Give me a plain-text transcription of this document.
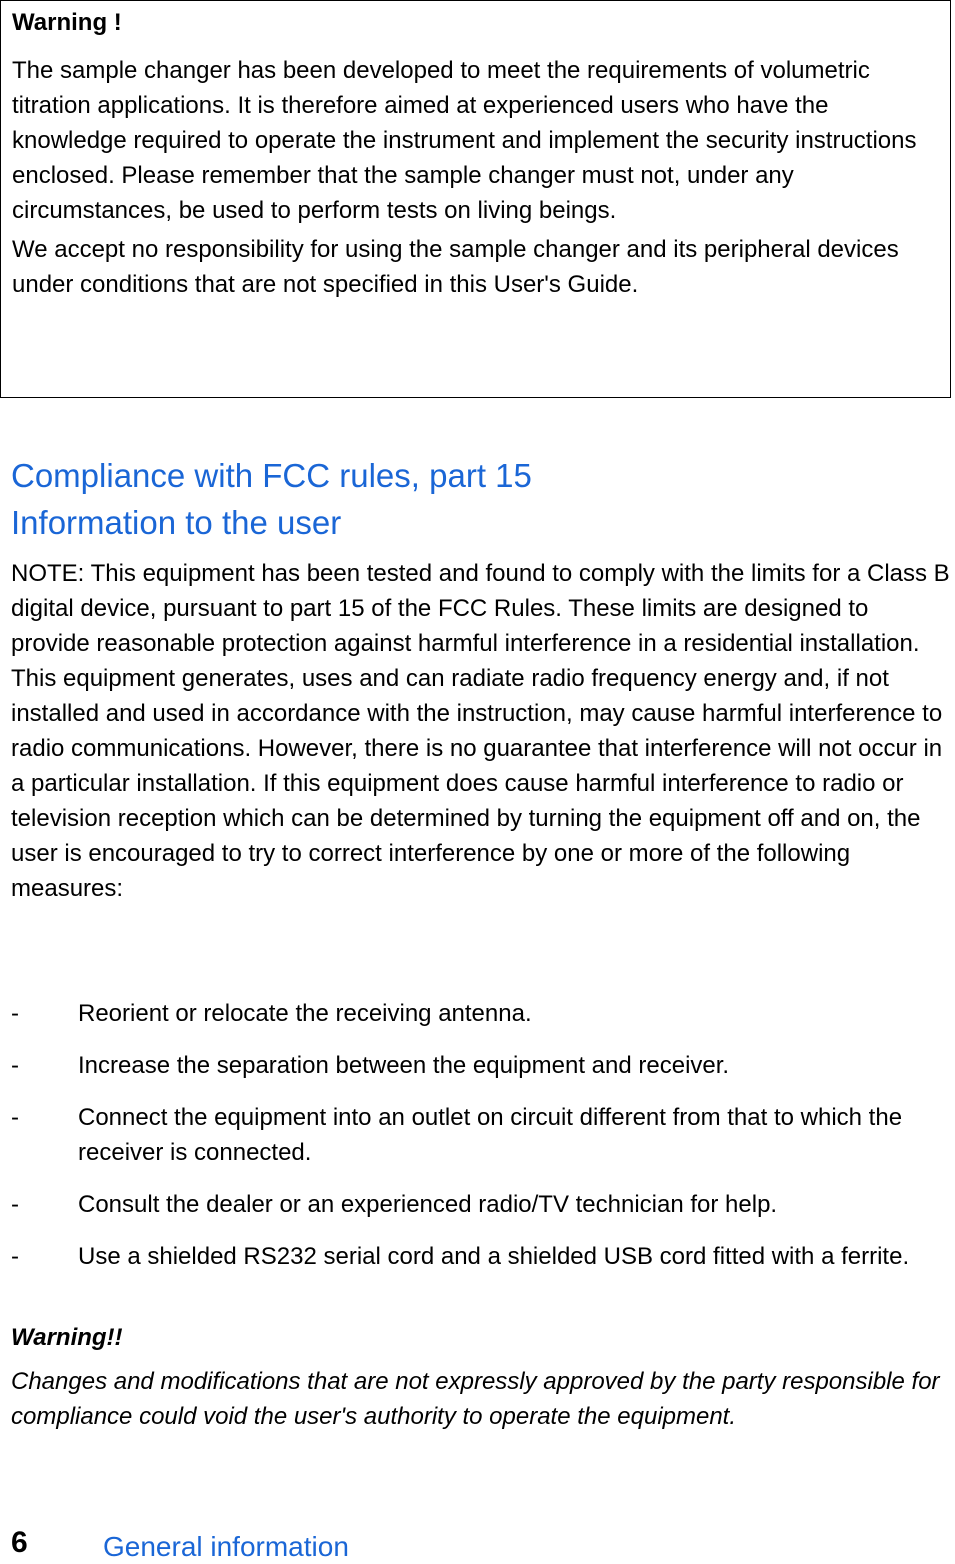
Warning !

The sample changer has been developed to meet the requirements of volumetric titration applications. It is therefore aimed at experienced users who have the knowledge required to operate the instrument and implement the security instructions enclosed. Please remember that the sample changer must not, under any circumstances, be used to perform tests on living beings.

We accept no responsibility for using the sample changer and its peripheral devices under conditions that are not specified in this User's Guide.

Compliance with FCC rules, part 15
Information to the user

NOTE: This equipment has been tested and found to comply with the limits for a Class B digital device, pursuant to part 15 of the FCC Rules. These limits are designed to provide reasonable protection against harmful interference in a residential installation. This equipment generates, uses and can radiate radio frequency energy and, if not installed and used in accordance with the instruction, may cause harmful interference to radio communications. However, there is no guarantee that interference will not occur in a particular installation. If this equipment does cause harmful interference to radio or television reception which can be determined by turning the equipment off and on, the user is encouraged to try to correct interference by one or more of the following measures:

-	Reorient or relocate the receiving antenna.
-	Increase the separation between the equipment and receiver.
-	Connect the equipment into an outlet on circuit different from that to which the receiver is connected.
-	Consult the dealer or an experienced radio/TV technician for help.
-	Use a shielded RS232 serial cord and a shielded USB cord fitted with a ferrite.

Warning!!

Changes and modifications that are not expressly approved by the party responsible for compliance could void the user's authority to operate the equipment.

6	General information
